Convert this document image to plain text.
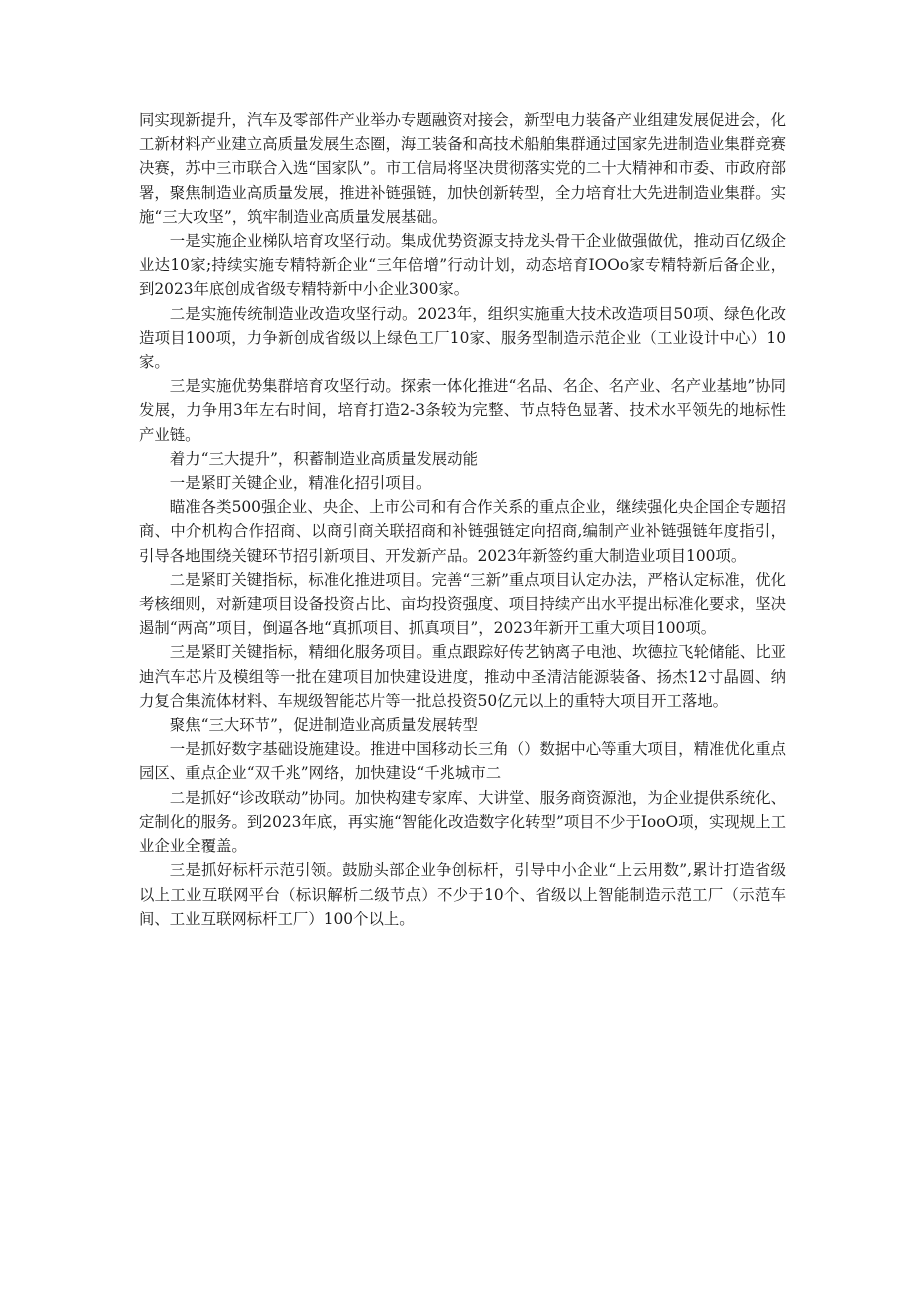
同实现新提升，汽车及零部件产业举办专题融资对接会，新型电力装备产业组建发展促进会，化工新材料产业建立高质量发展生态圈，海工装备和高技术船舶集群通过国家先进制造业集群竞赛决赛，苏中三市联合入选“国家队”。市工信局将坚决贯彻落实党的二十大精神和市委、市政府部署，聚焦制造业高质量发展，推进补链强链，加快创新转型，全力培育壮大先进制造业集群。实施“三大攻坚”，筑牢制造业高质量发展基础。

一是实施企业梯队培育攻坚行动。集成优势资源支持龙头骨干企业做强做优，推动百亿级企业达10家;持续实施专精特新企业“三年倍增”行动计划，动态培育IOOo家专精特新后备企业，到2023年底创成省级专精特新中小企业300家。

二是实施传统制造业改造攻坚行动。2023年，组织实施重大技术改造项目50项、绿色化改造项目100项，力争新创成省级以上绿色工厂10家、服务型制造示范企业（工业设计中心）10家。

三是实施优势集群培育攻坚行动。探索一体化推进“名品、名企、名产业、名产业基地”协同发展，力争用3年左右时间，培育打造2-3条较为完整、节点特色显著、技术水平领先的地标性产业链。

着力“三大提升”，积蓄制造业高质量发展动能

一是紧盯关键企业，精准化招引项目。

瞄准各类500强企业、央企、上市公司和有合作关系的重点企业，继续强化央企国企专题招商、中介机构合作招商、以商引商关联招商和补链强链定向招商,编制产业补链强链年度指引，引导各地围绕关键环节招引新项目、开发新产品。2023年新签约重大制造业项目100项。

二是紧盯关键指标，标准化推进项目。完善“三新”重点项目认定办法，严格认定标准，优化考核细则，对新建项目设备投资占比、亩均投资强度、项目持续产出水平提出标准化要求，坚决遏制“两高”项目，倒逼各地“真抓项目、抓真项目”，2023年新开工重大项目100项。

三是紧盯关键指标，精细化服务项目。重点跟踪好传艺钠离子电池、坎德拉飞轮储能、比亚迪汽车芯片及模组等一批在建项目加快建设进度，推动中圣清洁能源装备、扬杰12寸晶圆、纳力复合集流体材料、车规级智能芯片等一批总投资50亿元以上的重特大项目开工落地。

聚焦“三大环节”，促进制造业高质量发展转型

一是抓好数字基础设施建设。推进中国移动长三角（）数据中心等重大项目，精准优化重点园区、重点企业“双千兆”网络，加快建设“千兆城市二

二是抓好“诊改联动”协同。加快构建专家库、大讲堂、服务商资源池，为企业提供系统化、定制化的服务。到2023年底，再实施“智能化改造数字化转型”项目不少于IooO项，实现规上工业企业全覆盖。

三是抓好标杆示范引领。鼓励头部企业争创标杆，引导中小企业“上云用数”,累计打造省级以上工业互联网平台（标识解析二级节点）不少于10个、省级以上智能制造示范工厂（示范车间、工业互联网标杆工厂）100个以上。
